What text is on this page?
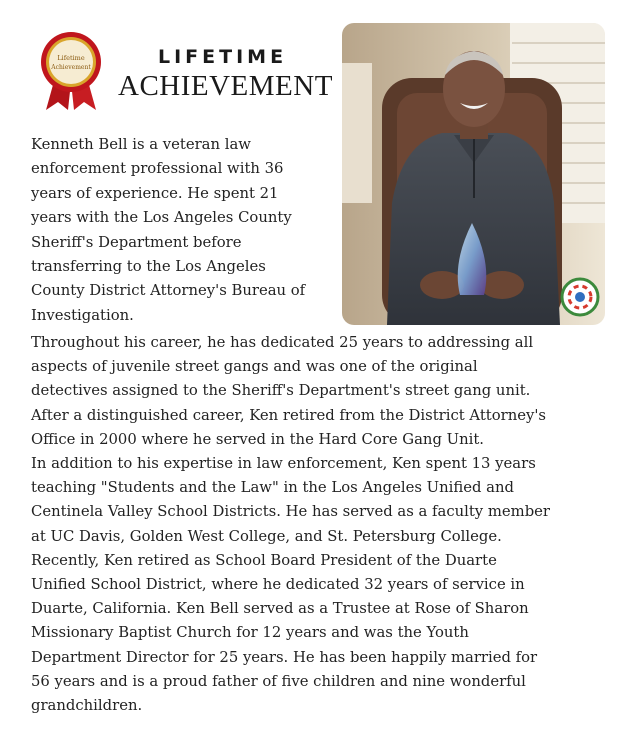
Lifetime
Achievement	LIFETIME
ACHIEVEMENT

Kenneth Bell is a veteran law
enforcement professional with 36
years of experience. He spent 21
years with the Los Angeles County
Sheriff's Department before
transferring to the Los Angeles
County District Attorney's Bureau of
Investigation.

Throughout his career, he has dedicated 25 years to addressing all
aspects of juvenile street gangs and was one of the original
detectives assigned to the Sheriff's Department's street gang unit.
After a distinguished career, Ken retired from the District Attorney's
Office in 2000 where he served in the Hard Core Gang Unit.
In addition to his expertise in law enforcement, Ken spent 13 years
teaching "Students and the Law" in the Los Angeles Unified and
Centinela Valley School Districts. He has served as a faculty member
at UC Davis, Golden West College, and St. Petersburg College.
Recently, Ken retired as School Board President of the Duarte
Unified School District, where he dedicated 32 years of service in
Duarte, California. Ken Bell served as a Trustee at Rose of Sharon
Missionary Baptist Church for 12 years and was the Youth
Department Director for 25 years. He has been happily married for
56 years and is a proud father of five children and nine wonderful
grandchildren.
